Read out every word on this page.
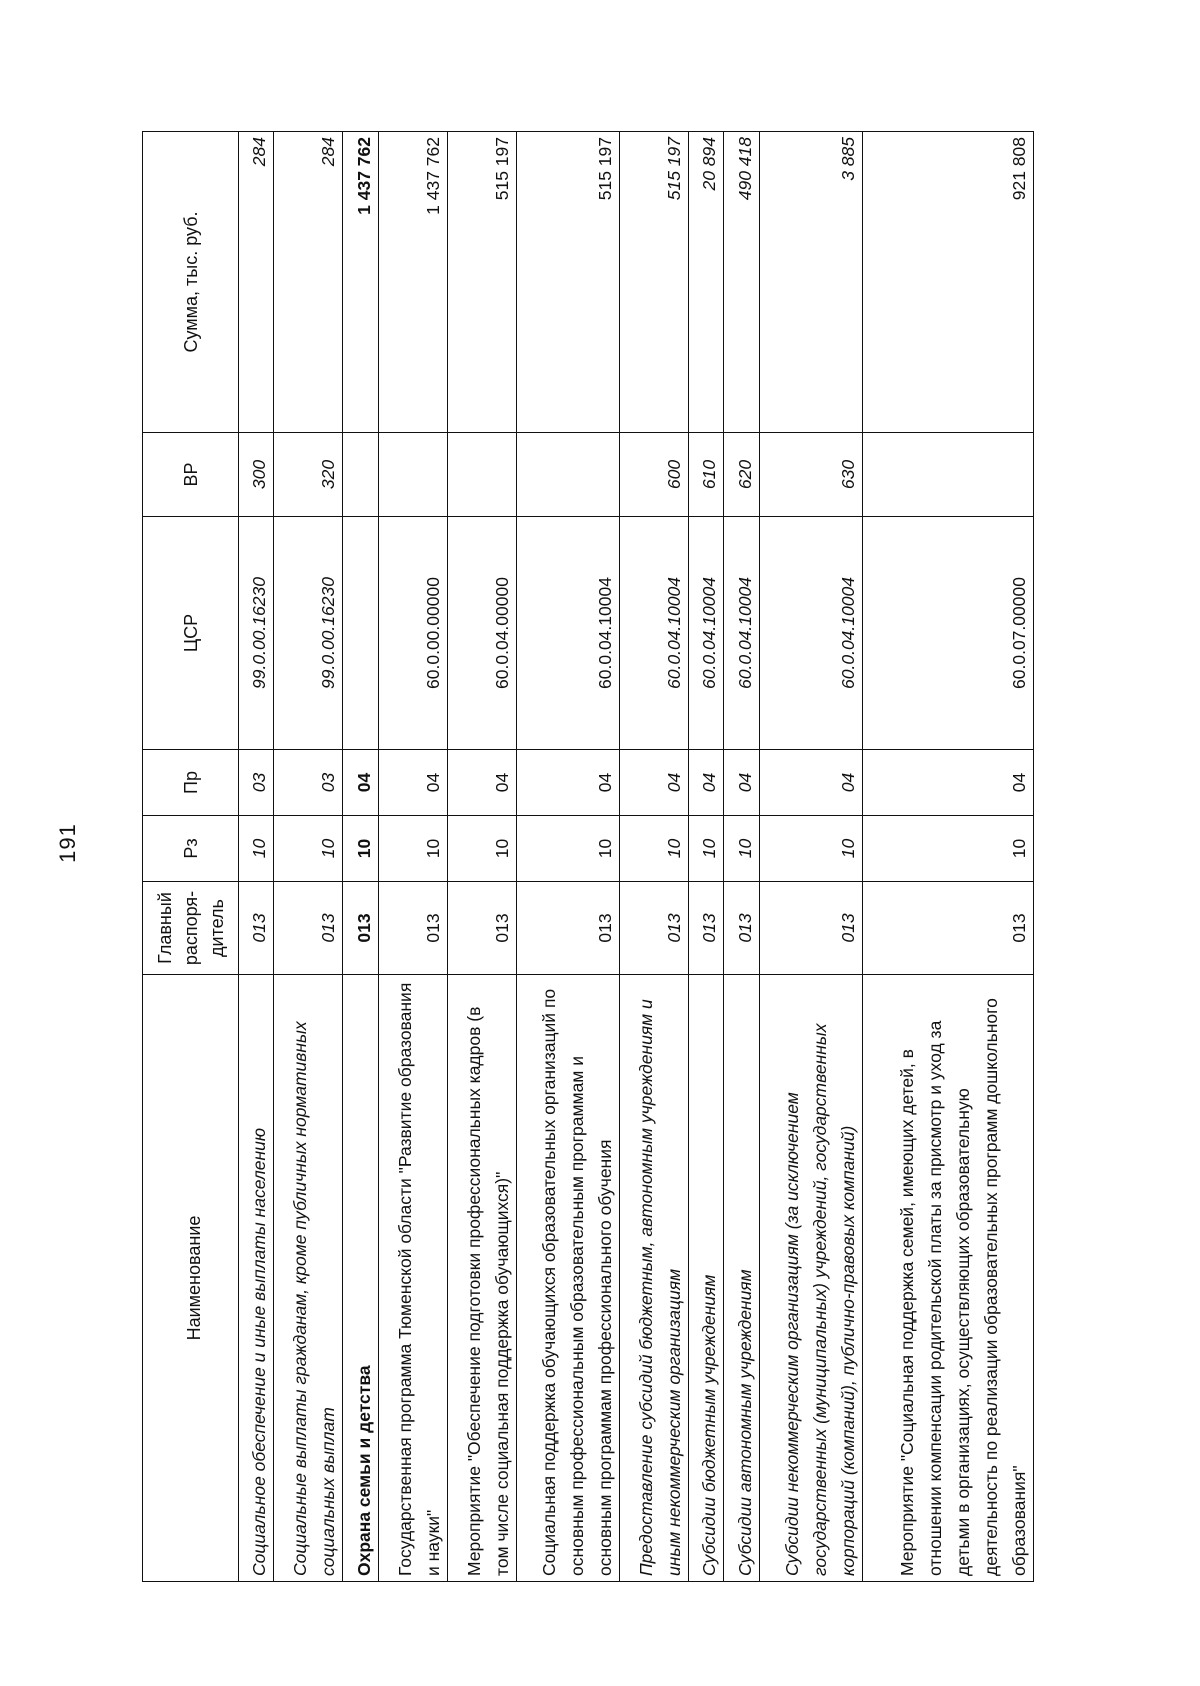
191
Наименование	Главный распоря-дитель	Рз	Пр	ЦСР	ВР	Сумма, тыс. руб.
Социальное обеспечение и иные выплаты населению	013	10	03	99.0.00.16230	300	284
Социальные выплаты гражданам, кроме публичных нормативных социальных выплат	013	10	03	99.0.00.16230	320	284
Охрана семьи и детства	013	10	04			1 437 762
Государственная программа Тюменской области "Развитие образования и науки"	013	10	04	60.0.00.00000		1 437 762
Мероприятие "Обеспечение подготовки профессиональных кадров (в том числе социальная поддержка обучающихся)"	013	10	04	60.0.04.00000		515 197
Социальная поддержка обучающихся образовательных организаций по основным профессиональным образовательным программам и основным программам профессионального обучения	013	10	04	60.0.04.10004		515 197
Предоставление субсидий бюджетным, автономным учреждениям и иным некоммерческим организациям	013	10	04	60.0.04.10004	600	515 197
Субсидии бюджетным учреждениям	013	10	04	60.0.04.10004	610	20 894
Субсидии автономным учреждениям	013	10	04	60.0.04.10004	620	490 418
Субсидии некоммерческим организациям (за исключением государственных (муниципальных) учреждений, государственных корпораций (компаний), публично-правовых компаний)	013	10	04	60.0.04.10004	630	3 885
Мероприятие "Социальная поддержка семей, имеющих детей, в отношении компенсации родительской платы за присмотр и уход за детьми в организациях, осуществляющих образовательную деятельность по реализации образовательных программ дошкольного образования"	013	10	04	60.0.07.00000		921 808
